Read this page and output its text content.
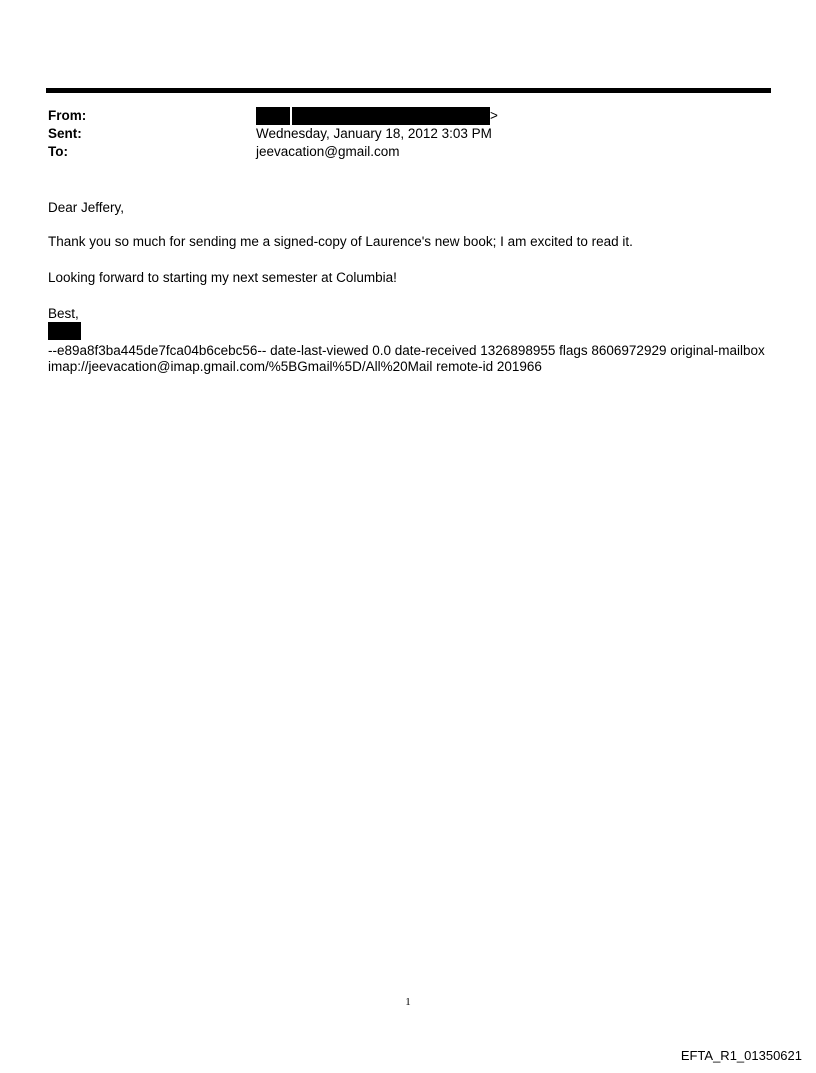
From:	>
Sent:	Wednesday, January 18, 2012 3:03 PM
To:	jeevacation@gmail.com
Dear Jeffery,
Thank you so much for sending me a signed-copy of Laurence's new book; I am excited to read it.
Looking forward to starting my next semester at Columbia!
Best,
--e89a8f3ba445de7fca04b6cebc56-- date-last-viewed 0.0 date-received 1326898955 flags 8606972929 original-mailbox
imap://jeevacation@imap.gmail.com/%5BGmail%5D/All%20Mail remote-id 201966
1
EFTA_R1_01350621
